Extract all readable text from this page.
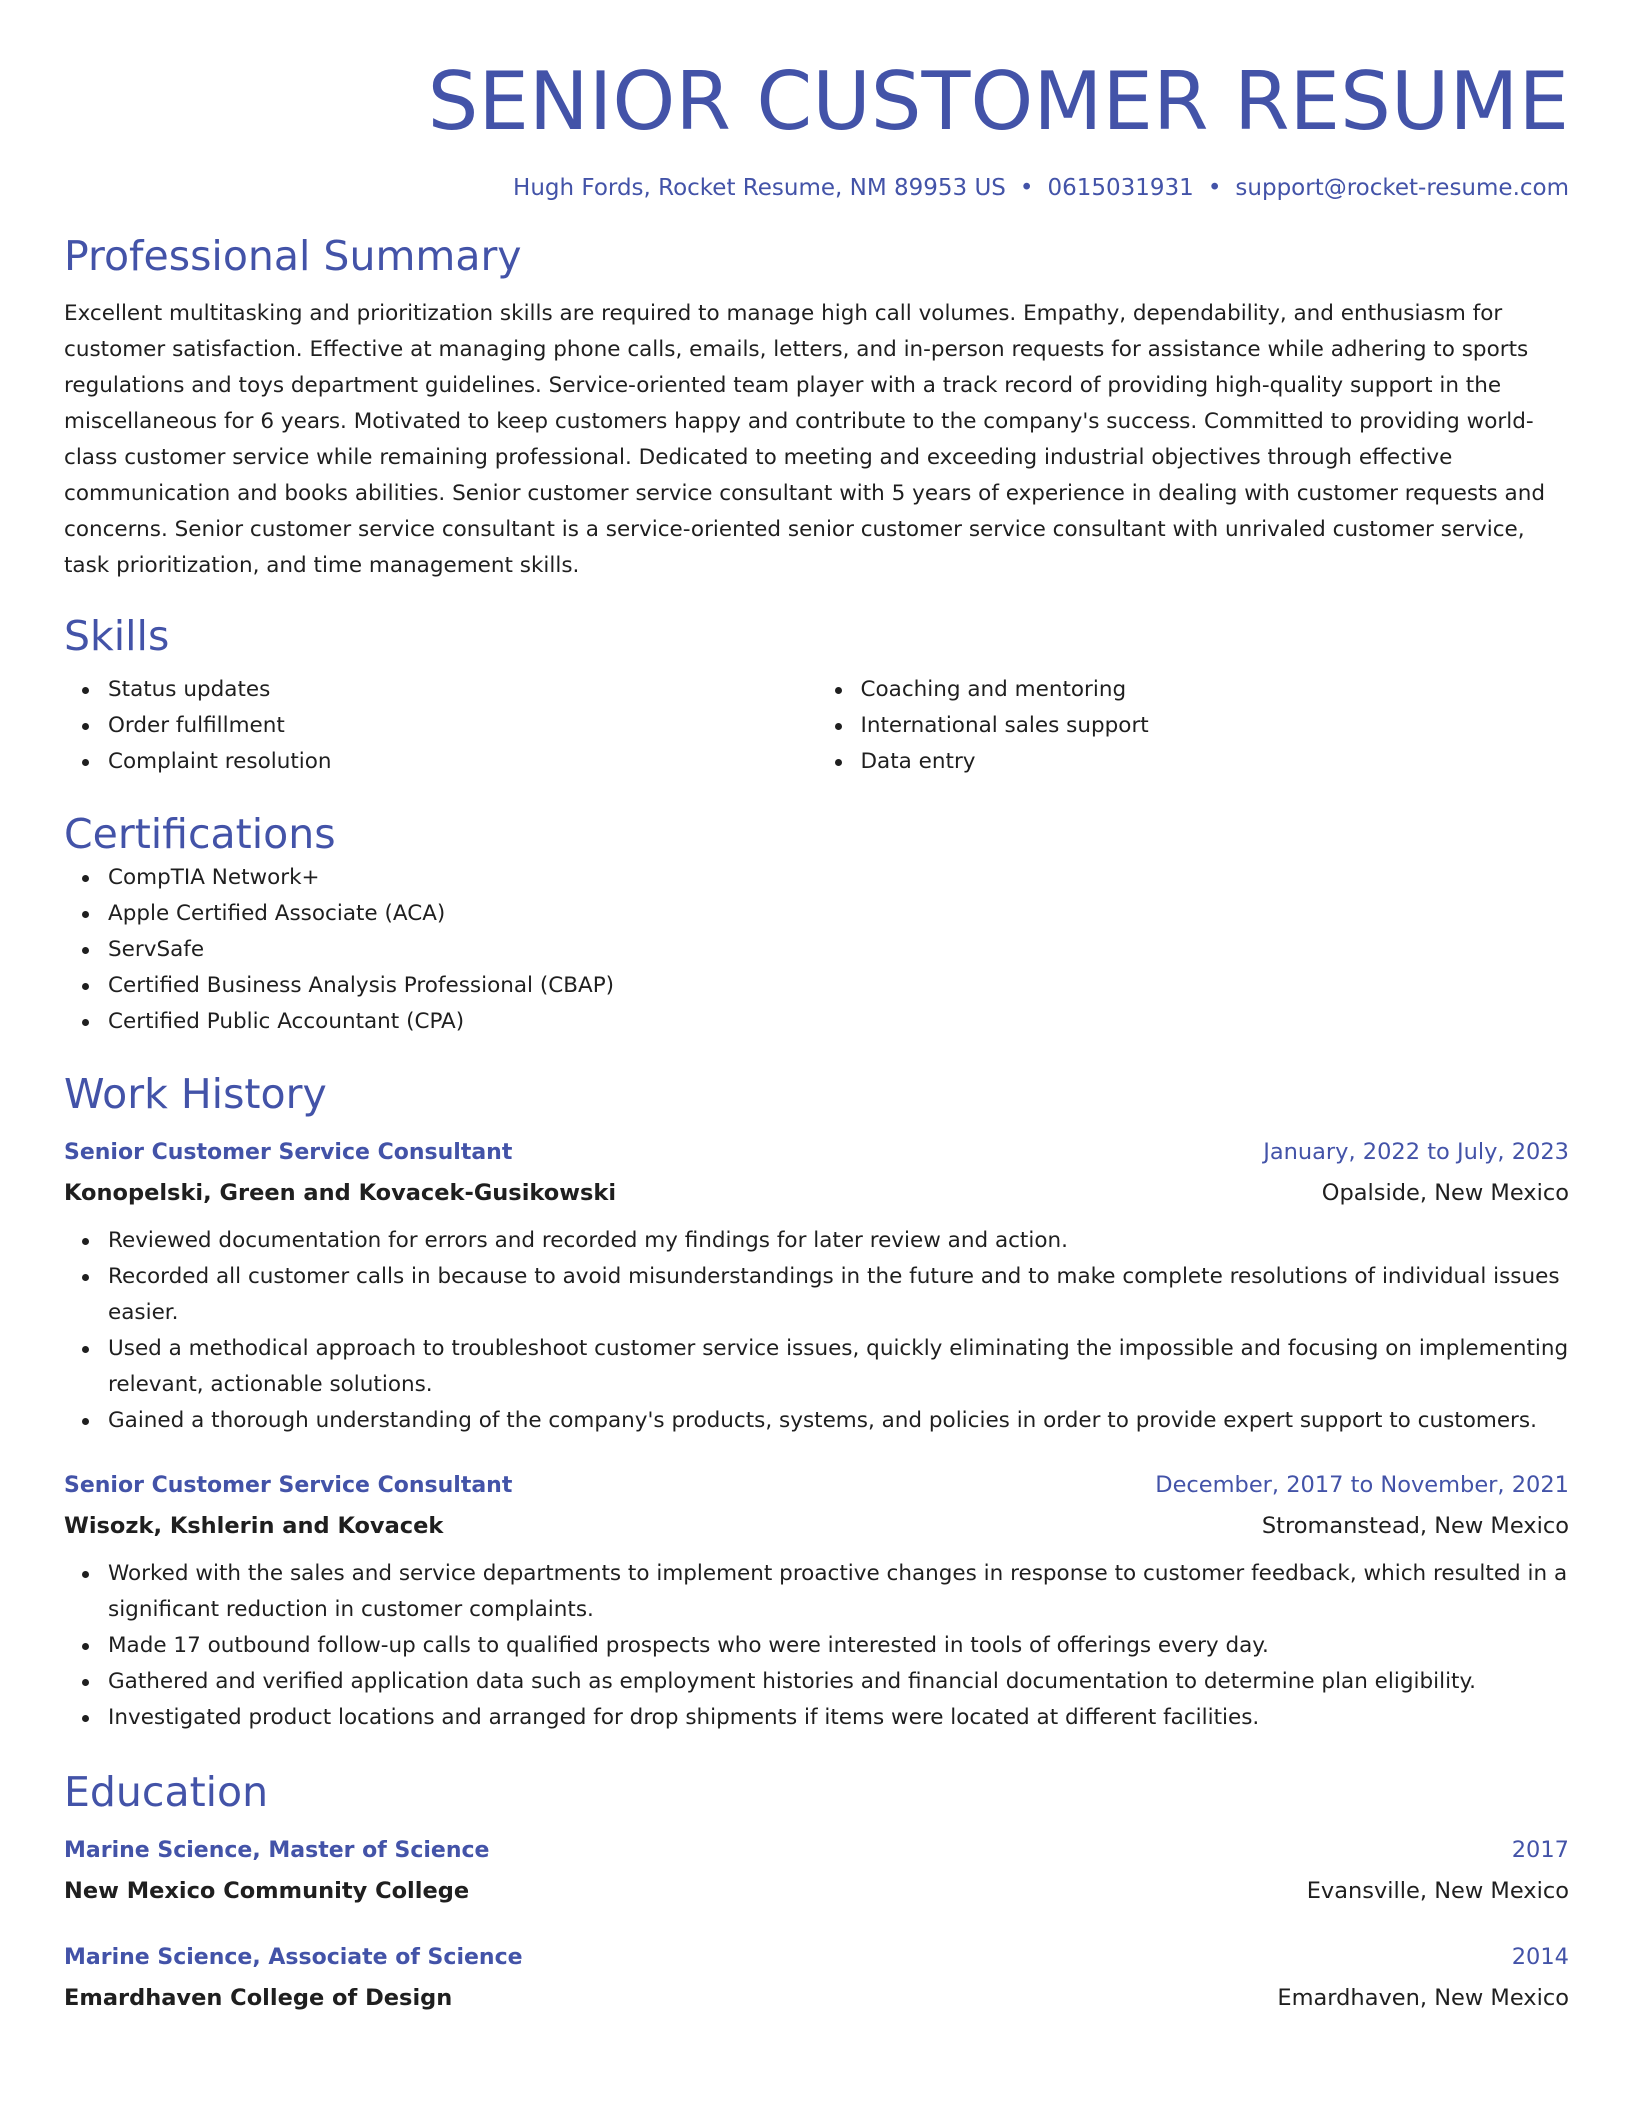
SENIOR CUSTOMER RESUME
Hugh Fords, Rocket Resume, NM 89953 US • 0615031931 • support@rocket-resume.com
Professional Summary
Excellent multitasking and prioritization skills are required to manage high call volumes. Empathy, dependability, and enthusiasm for customer satisfaction. Effective at managing phone calls, emails, letters, and in-person requests for assistance while adhering to sports regulations and toys department guidelines. Service-oriented team player with a track record of providing high-quality support in the miscellaneous for 6 years. Motivated to keep customers happy and contribute to the company's success. Committed to providing world-class customer service while remaining professional. Dedicated to meeting and exceeding industrial objectives through effective communication and books abilities. Senior customer service consultant with 5 years of experience in dealing with customer requests and concerns. Senior customer service consultant is a service-oriented senior customer service consultant with unrivaled customer service, task prioritization, and time management skills.
Skills
Status updates
Order fulfillment
Complaint resolution
Coaching and mentoring
International sales support
Data entry
Certifications
CompTIA Network+
Apple Certified Associate (ACA)
ServSafe
Certified Business Analysis Professional (CBAP)
Certified Public Accountant (CPA)
Work History
Senior Customer Service Consultant	January, 2022 to July, 2023
Konopelski, Green and Kovacek-Gusikowski	Opalside, New Mexico
Reviewed documentation for errors and recorded my findings for later review and action.
Recorded all customer calls in because to avoid misunderstandings in the future and to make complete resolutions of individual issues easier.
Used a methodical approach to troubleshoot customer service issues, quickly eliminating the impossible and focusing on implementing relevant, actionable solutions.
Gained a thorough understanding of the company's products, systems, and policies in order to provide expert support to customers.
Senior Customer Service Consultant	December, 2017 to November, 2021
Wisozk, Kshlerin and Kovacek	Stromanstead, New Mexico
Worked with the sales and service departments to implement proactive changes in response to customer feedback, which resulted in a significant reduction in customer complaints.
Made 17 outbound follow-up calls to qualified prospects who were interested in tools of offerings every day.
Gathered and verified application data such as employment histories and financial documentation to determine plan eligibility.
Investigated product locations and arranged for drop shipments if items were located at different facilities.
Education
Marine Science, Master of Science	2017
New Mexico Community College	Evansville, New Mexico
Marine Science, Associate of Science	2014
Emardhaven College of Design	Emardhaven, New Mexico
